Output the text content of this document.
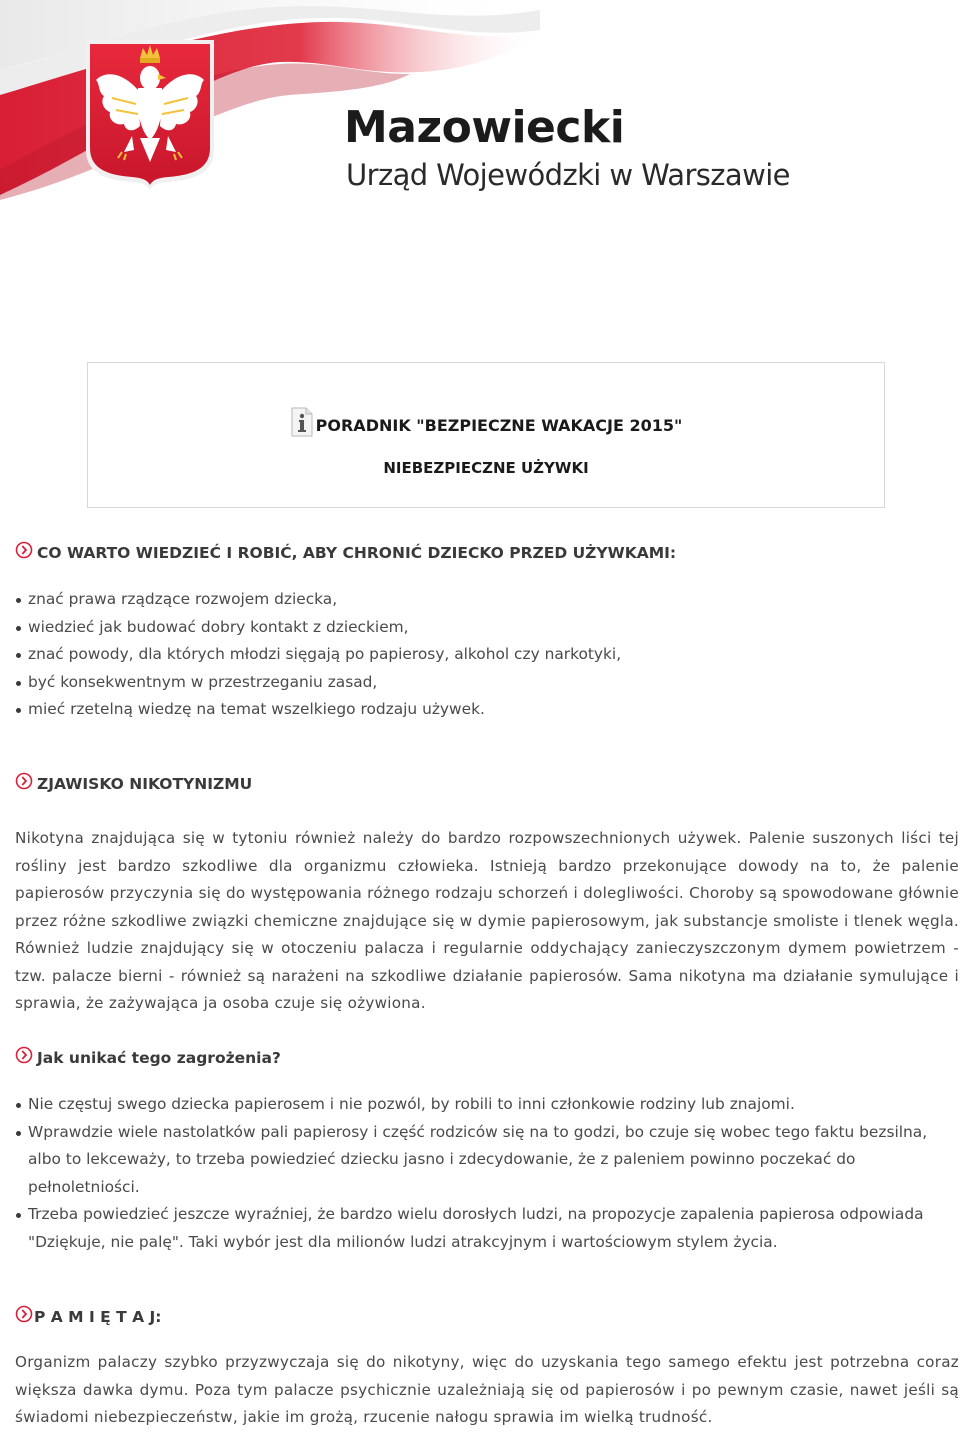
Mazowiecki
Urząd Wojewódzki w Warszawie
PORADNIK "BEZPIECZNE WAKACJE 2015"
NIEBEZPIECZNE UŻYWKI
CO WARTO WIEDZIEĆ I ROBIĆ, ABY CHRONIĆ DZIECKO PRZED UŻYWKAMI:
znać prawa rządzące rozwojem dziecka,
wiedzieć jak budować dobry kontakt z dzieckiem,
znać powody, dla których młodzi sięgają po papierosy, alkohol czy narkotyki,
być konsekwentnym w przestrzeganiu zasad,
mieć rzetelną wiedzę na temat wszelkiego rodzaju używek.
ZJAWISKO NIKOTYNIZMU

Nikotyna znajdująca się w tytoniu również należy do bardzo rozpowszechnionych używek. Palenie suszonych liści tej rośliny jest bardzo szkodliwe dla organizmu człowieka. Istnieją bardzo przekonujące dowody na to, że palenie papierosów przyczynia się do występowania różnego rodzaju schorzeń i dolegliwości. Choroby są spowodowane głównie przez różne szkodliwe związki chemiczne znajdujące się w dymie papierosowym, jak substancje smoliste i tlenek węgla. Również ludzie znajdujący się w otoczeniu palacza i regularnie oddychający zanieczyszczonym dymem powietrzem - tzw. palacze bierni - również są narażeni na szkodliwe działanie papierosów. Sama nikotyna ma działanie symulujące i sprawia, że zażywająca ja osoba czuje się ożywiona.

Jak unikać tego zagrożenia?
Nie częstuj swego dziecka papierosem i nie pozwól, by robili to inni członkowie rodziny lub znajomi.
Wprawdzie wiele nastolatków pali papierosy i część rodziców się na to godzi, bo czuje się wobec tego faktu bezsilna, albo to lekceważy, to trzeba powiedzieć dziecku jasno i zdecydowanie, że z paleniem powinno poczekać do pełnoletniości.
Trzeba powiedzieć jeszcze wyraźniej, że bardzo wielu dorosłych ludzi, na propozycje zapalenia papierosa odpowiada "Dziękuje, nie palę". Taki wybór jest dla milionów ludzi atrakcyjnym i wartościowym stylem życia.
P A M I Ę T A J:

Organizm palaczy szybko przyzwyczaja się do nikotyny, więc do uzyskania tego samego efektu jest potrzebna coraz większa dawka dymu. Poza tym palacze psychicznie uzależniają się od papierosów i po pewnym czasie, nawet jeśli są świadomi niebezpieczeństw, jakie im grożą, rzucenie nałogu sprawia im wielką trudność.
